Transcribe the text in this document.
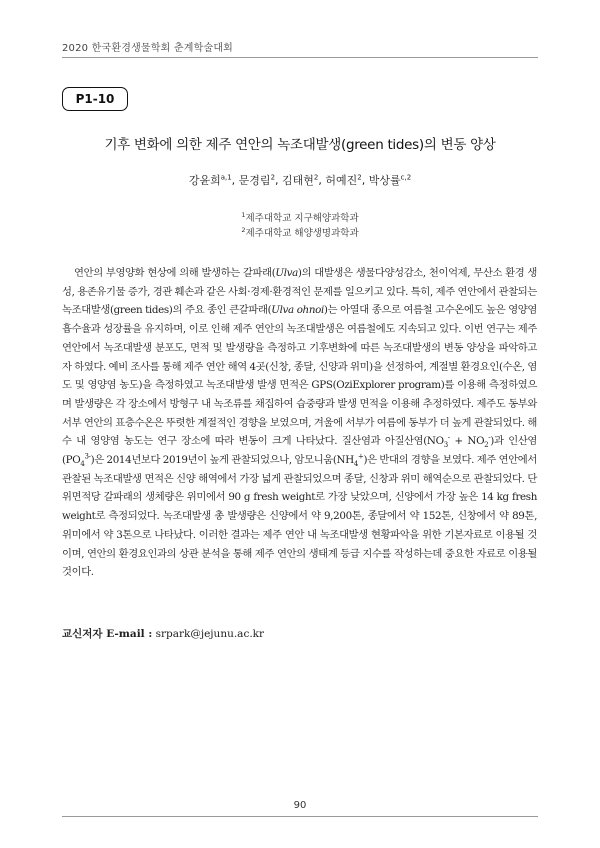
2020 한국환경생물학회 춘계학술대회
P1-10
기후 변화에 의한 제주 연안의 녹조대발생(green tides)의 변동 양상
강윤희$^{a,1}$, 문경림$^2$, 김태현$^2$, 허예진$^2$, 박상률$^{c,2}$
$^1$제주대학교 지구해양과학과
$^2$제주대학교 해양생명과학과
연안의 부영양화 현상에 의해 발생하는 갈파래(Ulva)의 대발생은 생물다양성감소, 천이억제, 무산소 환경 생성, 용존유기물 증가, 경관 훼손과 같은 사회·경제·환경적인 문제를 일으키고 있다. 특히, 제주 연안에서 관찰되는 녹조대발생(green tides)의 주요 종인 큰갈파래(Ulva ohnoi)는 아열대 종으로 여름철 고수온에도 높은 영양염 흡수율과 성장률을 유지하며, 이로 인해 제주 연안의 녹조대발생은 여름철에도 지속되고 있다. 이번 연구는 제주 연안에서 녹조대발생 분포도, 면적 및 발생량을 측정하고 기후변화에 따른 녹조대발생의 변동 양상을 파악하고자 하였다. 예비 조사를 통해 제주 연안 해역 4곳(신창, 종달, 신양과 위미)을 선정하여, 계절별 환경요인(수온, 염도 및 영양염 농도)을 측정하였고 녹조대발생 발생 면적은 GPS(OziExplorer program)를 이용해 측정하였으며 발생량은 각 장소에서 방형구 내 녹조류를 채집하여 습중량과 발생 면적을 이용해 추정하였다. 제주도 동부와 서부 연안의 표층수온은 뚜렷한 계절적인 경향을 보였으며, 겨울에 서부가 여름에 동부가 더 높게 관찰되었다. 해수 내 영양염 농도는 연구 장소에 따라 변동이 크게 나타났다. 질산염과 아질산염$(NO_3^- + NO_2^-)$과 인산염$(PO_4^{3-})$은 2014년보다 2019년이 높게 관찰되었으나, 암모니움$(NH_4^+)$은 반대의 경향을 보였다. 제주 연안에서 관찰된 녹조대발생 면적은 신양 해역에서 가장 넓게 관찰되었으며 종달, 신창과 위미 해역순으로 관찰되었다. 단위면적당 갈파래의 생체량은 위미에서 90 g fresh weight로 가장 낮았으며, 신양에서 가장 높은 14 kg fresh weight로 측정되었다. 녹조대발생 총 발생량은 신양에서 약 9,200톤, 종달에서 약 152톤, 신창에서 약 89톤, 위미에서 약 3톤으로 나타났다. 이러한 결과는 제주 연안 내 녹조대발생 현황파악을 위한 기본자료로 이용될 것이며, 연안의 환경요인과의 상관 분석을 통해 제주 연안의 생태계 등급 지수를 작성하는데 중요한 자료로 이용될 것이다.
교신저자 E-mail : srpark@jejunu.ac.kr
90
